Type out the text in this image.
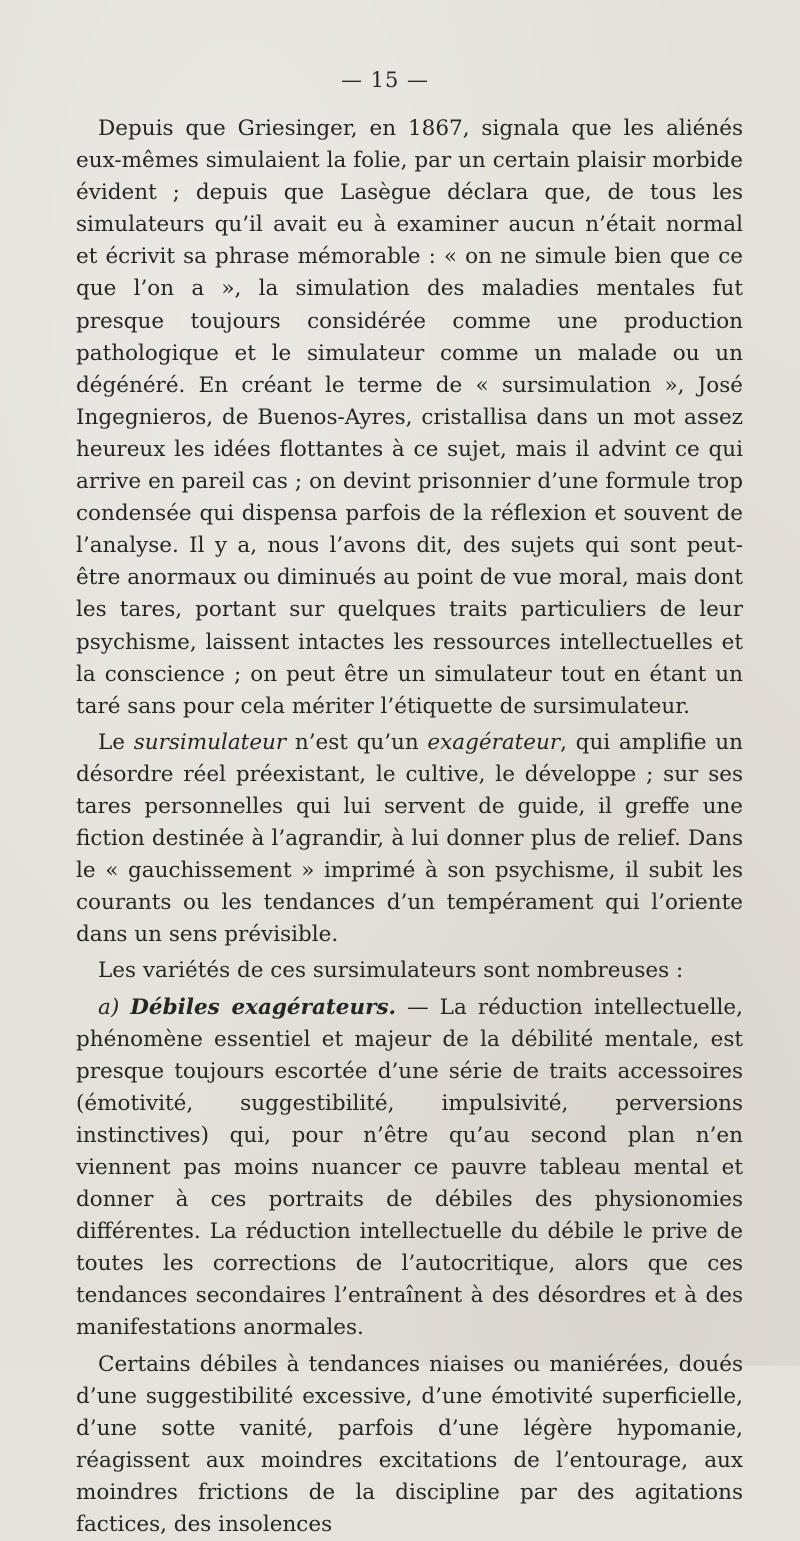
— 15 —

Depuis que Griesinger, en 1867, signala que les aliénés eux-mêmes simulaient la folie, par un certain plaisir morbide évident ; depuis que Lasègue déclara que, de tous les simulateurs qu’il avait eu à examiner aucun n’était normal et écrivit sa phrase mémorable : « on ne simule bien que ce que l’on a », la simulation des maladies mentales fut presque toujours considérée comme une production pathologique et le simulateur comme un malade ou un dégénéré. En créant le terme de « sursimulation », José Ingegnieros, de Buenos-Ayres, cristallisa dans un mot assez heureux les idées flottantes à ce sujet, mais il advint ce qui arrive en pareil cas ; on devint prisonnier d’une formule trop condensée qui dispensa parfois de la réflexion et souvent de l’analyse. Il y a, nous l’avons dit, des sujets qui sont peut-être anormaux ou diminués au point de vue moral, mais dont les tares, portant sur quelques traits particuliers de leur psychisme, laissent intactes les ressources intellectuelles et la conscience ; on peut être un simulateur tout en étant un taré sans pour cela mériter l’étiquette de sursimulateur.

Le sursimulateur n’est qu’un exagérateur, qui amplifie un désordre réel préexistant, le cultive, le développe ; sur ses tares personnelles qui lui servent de guide, il greffe une fiction destinée à l’agrandir, à lui donner plus de relief. Dans le « gauchissement » imprimé à son psychisme, il subit les courants ou les tendances d’un tempérament qui l’oriente dans un sens prévisible.

Les variétés de ces sursimulateurs sont nombreuses :

a) Débiles exagérateurs. — La réduction intellectuelle, phénomène essentiel et majeur de la débilité mentale, est presque toujours escortée d’une série de traits accessoires (émotivité, suggestibilité, impulsivité, perversions instinctives) qui, pour n’être qu’au second plan n’en viennent pas moins nuancer ce pauvre tableau mental et donner à ces portraits de débiles des physionomies différentes. La réduction intellectuelle du débile le prive de toutes les corrections de l’autocritique, alors que ces tendances secondaires l’entraînent à des désordres et à des manifestations anormales.

Certains débiles à tendances niaises ou maniérées, doués d’une suggestibilité excessive, d’une émotivité superficielle, d’une sotte vanité, parfois d’une légère hypomanie, réagissent aux moindres excitations de l’entourage, aux moindres frictions de la discipline par des agitations factices, des insolences
